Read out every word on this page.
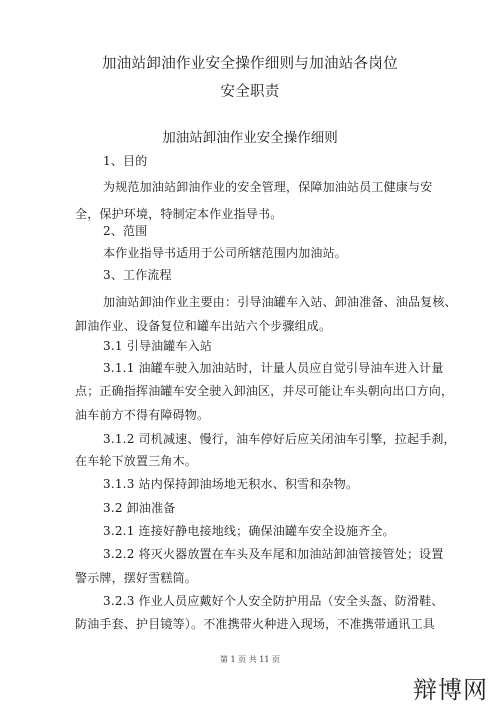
加油站卸油作业安全操作细则与加油站各岗位
安全职责
加油站卸油作业安全操作细则
1、目的
为规范加油站卸油作业的安全管理，保障加油站员工健康与安
全，保护环境，特制定本作业指导书。
2、范围
本作业指导书适用于公司所辖范围内加油站。
3、工作流程
加油站卸油作业主要由：引导油罐车入站、卸油准备、油品复核、
卸油作业、设备复位和罐车出站六个步骤组成。
3.1 引导油罐车入站
3.1.1 油罐车驶入加油站时，计量人员应自觉引导油车进入计量
点；正确指挥油罐车安全驶入卸油区，并尽可能让车头朝向出口方向，
油车前方不得有障碍物。
3.1.2 司机减速、慢行，油车停好后应关闭油车引擎，拉起手刹，
在车轮下放置三角木。
3.1.3 站内保持卸油场地无积水、积雪和杂物。
3.2 卸油准备
3.2.1 连接好静电接地线；确保油罐车安全设施齐全。
3.2.2 将灭火器放置在车头及车尾和加油站卸油管接管处；设置
警示牌，摆好雪糕筒。
3.2.3 作业人员应戴好个人安全防护用品（安全头盔、防滑鞋、
防油手套、护目镜等）。不准携带火种进入现场，不准携带通讯工具
第 1 页 共 11 页
辩博网
